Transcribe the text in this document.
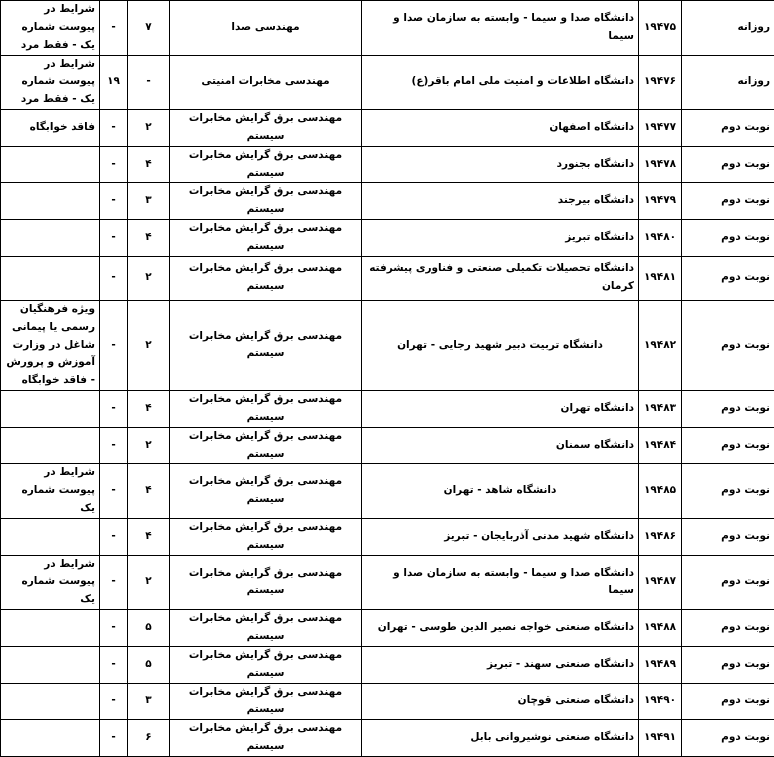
روزانه	۱۹۴۷۵	دانشگاه صدا و سیما - وابسته به سازمان صدا و سیما	مهندسی صدا	۷	-	شرایط در پیوست شماره یک - فقط مرد
روزانه	۱۹۴۷۶	دانشگاه اطلاعات و امنیت ملی امام باقر(ع)	مهندسی مخابرات امنیتی	-	۱۹	شرایط در پیوست شماره یک - فقط مرد
نوبت دوم	۱۹۴۷۷	دانشگاه اصفهان	مهندسی برق گرایش مخابرات سیستم	۲	-	فاقد خوابگاه
نوبت دوم	۱۹۴۷۸	دانشگاه بجنورد	مهندسی برق گرایش مخابرات سیستم	۴	-	
نوبت دوم	۱۹۴۷۹	دانشگاه بیرجند	مهندسی برق گرایش مخابرات سیستم	۳	-	
نوبت دوم	۱۹۴۸۰	دانشگاه تبریز	مهندسی برق گرایش مخابرات سیستم	۴	-	
نوبت دوم	۱۹۴۸۱	دانشگاه تحصیلات تکمیلی صنعتی و فناوری پیشرفته کرمان	مهندسی برق گرایش مخابرات سیستم	۲	-	
نوبت دوم	۱۹۴۸۲	دانشگاه تربیت دبیر شهید رجایی - تهران	مهندسی برق گرایش مخابرات سیستم	۲	-	ویژه فرهنگیان رسمی یا پیمانی شاغل در وزارت آموزش و پرورش - فاقد خوابگاه
نوبت دوم	۱۹۴۸۳	دانشگاه تهران	مهندسی برق گرایش مخابرات سیستم	۴	-	
نوبت دوم	۱۹۴۸۴	دانشگاه سمنان	مهندسی برق گرایش مخابرات سیستم	۲	-	
نوبت دوم	۱۹۴۸۵	دانشگاه شاهد - تهران	مهندسی برق گرایش مخابرات سیستم	۴	-	شرایط در پیوست شماره یک
نوبت دوم	۱۹۴۸۶	دانشگاه شهید مدنی آذربایجان - تبریز	مهندسی برق گرایش مخابرات سیستم	۴	-	
نوبت دوم	۱۹۴۸۷	دانشگاه صدا و سیما - وابسته به سازمان صدا و سیما	مهندسی برق گرایش مخابرات سیستم	۲	-	شرایط در پیوست شماره یک
نوبت دوم	۱۹۴۸۸	دانشگاه صنعتی خواجه نصیر الدین طوسی - تهران	مهندسی برق گرایش مخابرات سیستم	۵	-	
نوبت دوم	۱۹۴۸۹	دانشگاه صنعتی سهند - تبریز	مهندسی برق گرایش مخابرات سیستم	۵	-	
نوبت دوم	۱۹۴۹۰	دانشگاه صنعتی قوچان	مهندسی برق گرایش مخابرات سیستم	۳	-	
نوبت دوم	۱۹۴۹۱	دانشگاه صنعتی نوشیروانی بابل	مهندسی برق گرایش مخابرات سیستم	۶	-	
